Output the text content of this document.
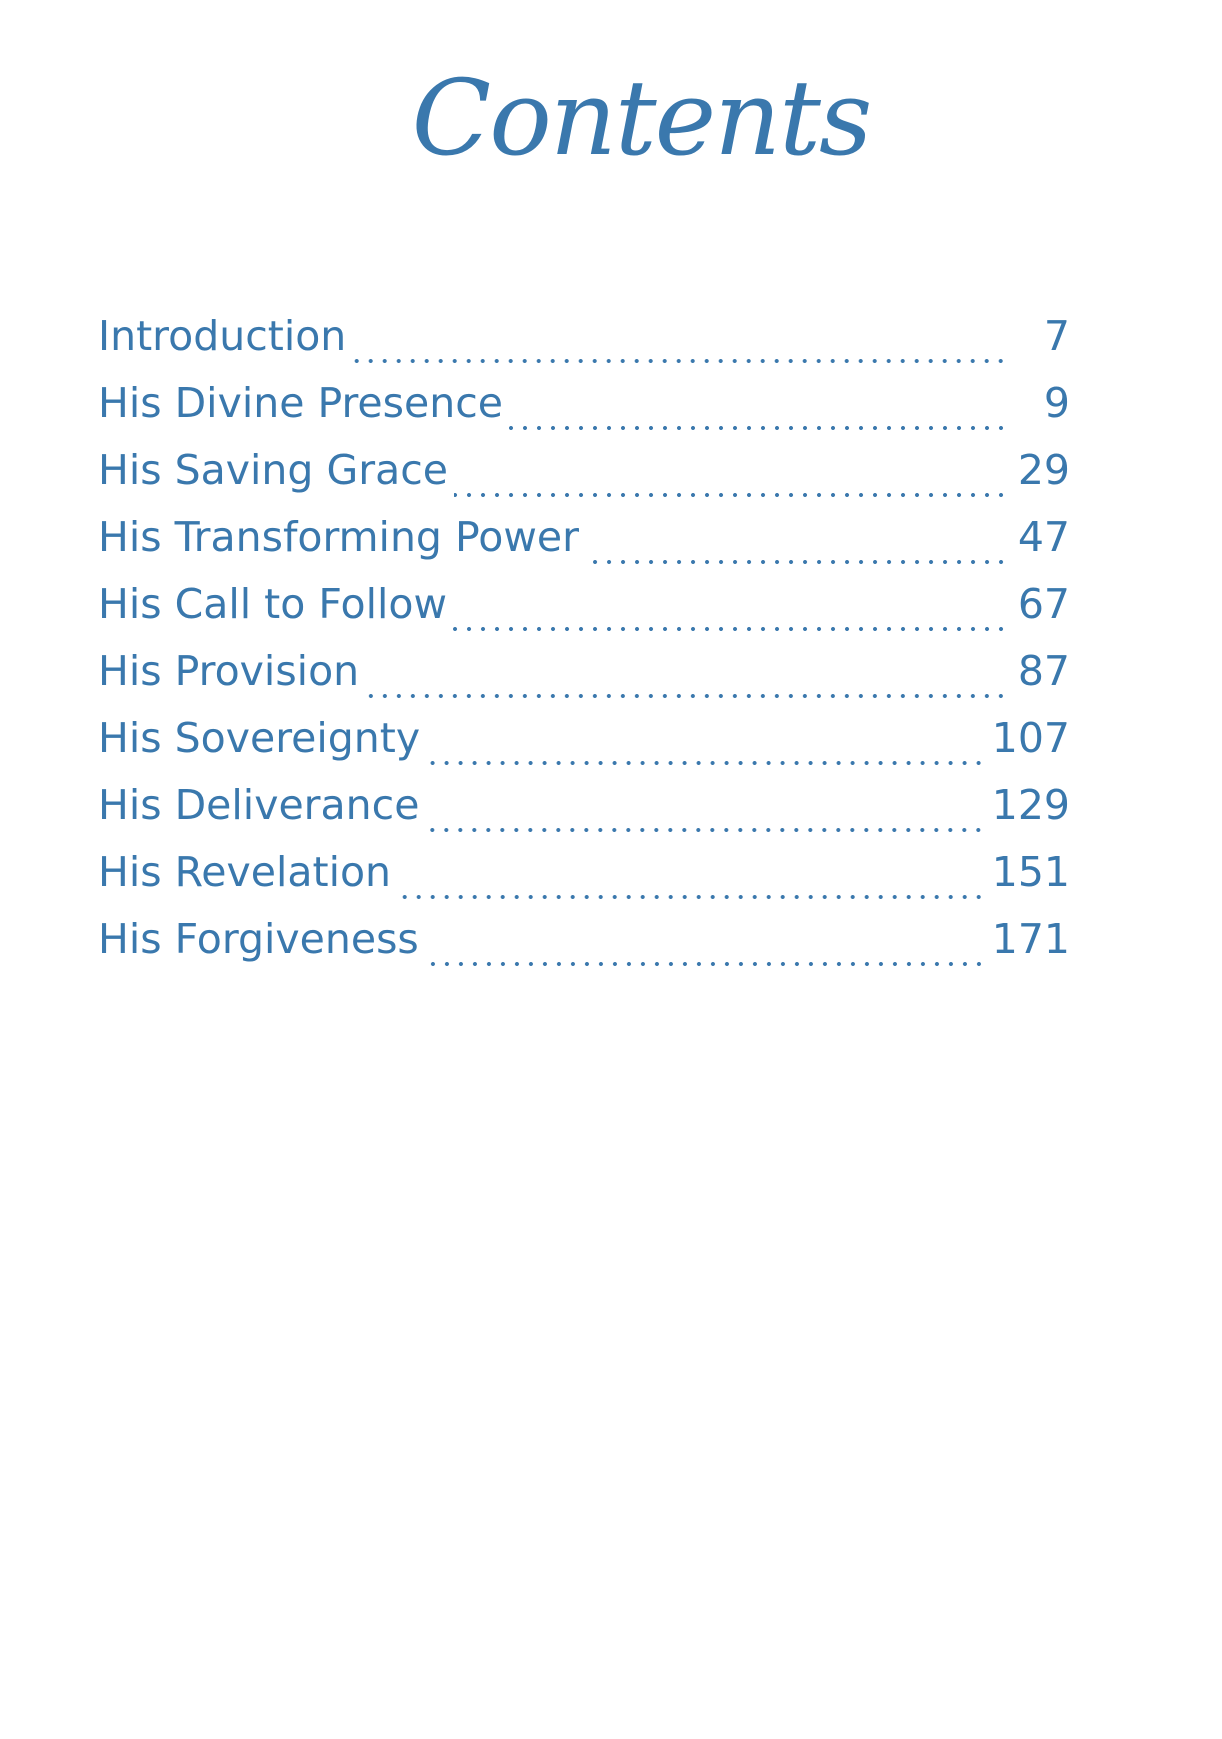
Contents
Introduction	7
His Divine Presence	9
His Saving Grace	29
His Transforming Power	47
His Call to Follow	67
His Provision	87
His Sovereignty	107
His Deliverance	129
His Revelation	151
His Forgiveness	171
